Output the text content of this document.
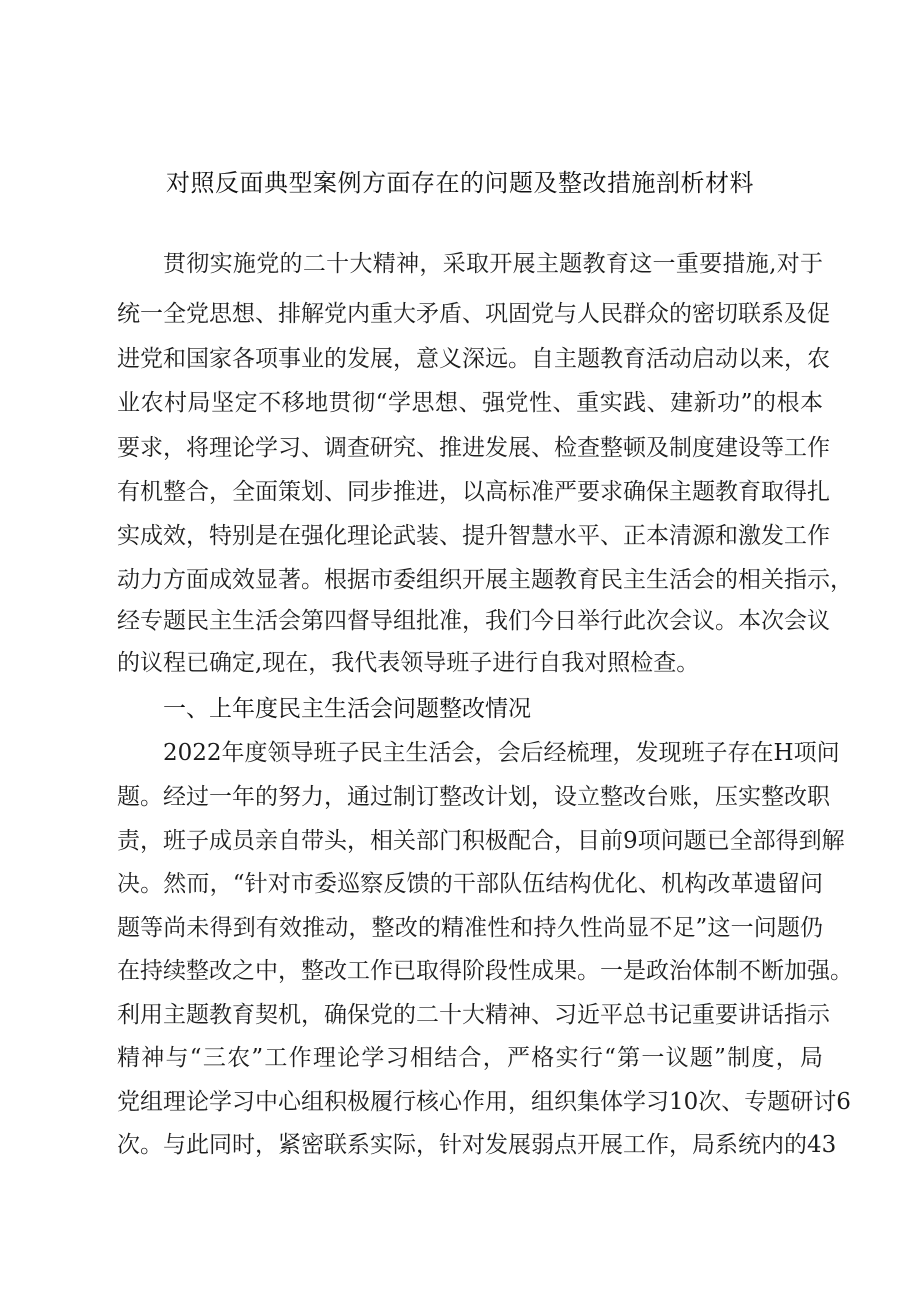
对照反面典型案例方面存在的问题及整改措施剖析材料
贯彻实施党的二十大精神，采取开展主题教育这一重要措施,对于
统一全党思想、排解党内重大矛盾、巩固党与人民群众的密切联系及促
进党和国家各项事业的发展，意义深远。自主题教育活动启动以来，农
业农村局坚定不移地贯彻“学思想、强党性、重实践、建新功”的根本
要求，将理论学习、调查研究、推进发展、检查整顿及制度建设等工作
有机整合，全面策划、同步推进，以高标准严要求确保主题教育取得扎
实成效，特别是在强化理论武装、提升智慧水平、正本清源和激发工作
动力方面成效显著。根据市委组织开展主题教育民主生活会的相关指示，
经专题民主生活会第四督导组批准，我们今日举行此次会议。本次会议
的议程已确定,现在，我代表领导班子进行自我对照检查。
一、上年度民主生活会问题整改情况
2022年度领导班子民主生活会，会后经梳理，发现班子存在H项问
题。经过一年的努力，通过制订整改计划，设立整改台账，压实整改职
责，班子成员亲自带头，相关部门积极配合，目前9项问题已全部得到解
决。然而，“针对市委巡察反馈的干部队伍结构优化、机构改革遗留问
题等尚未得到有效推动，整改的精准性和持久性尚显不足”这一问题仍
在持续整改之中，整改工作已取得阶段性成果。一是政治体制不断加强。
利用主题教育契机，确保党的二十大精神、习近平总书记重要讲话指示
精神与“三农”工作理论学习相结合，严格实行“第一议题”制度，局
党组理论学习中心组积极履行核心作用，组织集体学习10次、专题研讨6
次。与此同时，紧密联系实际，针对发展弱点开展工作，局系统内的43
